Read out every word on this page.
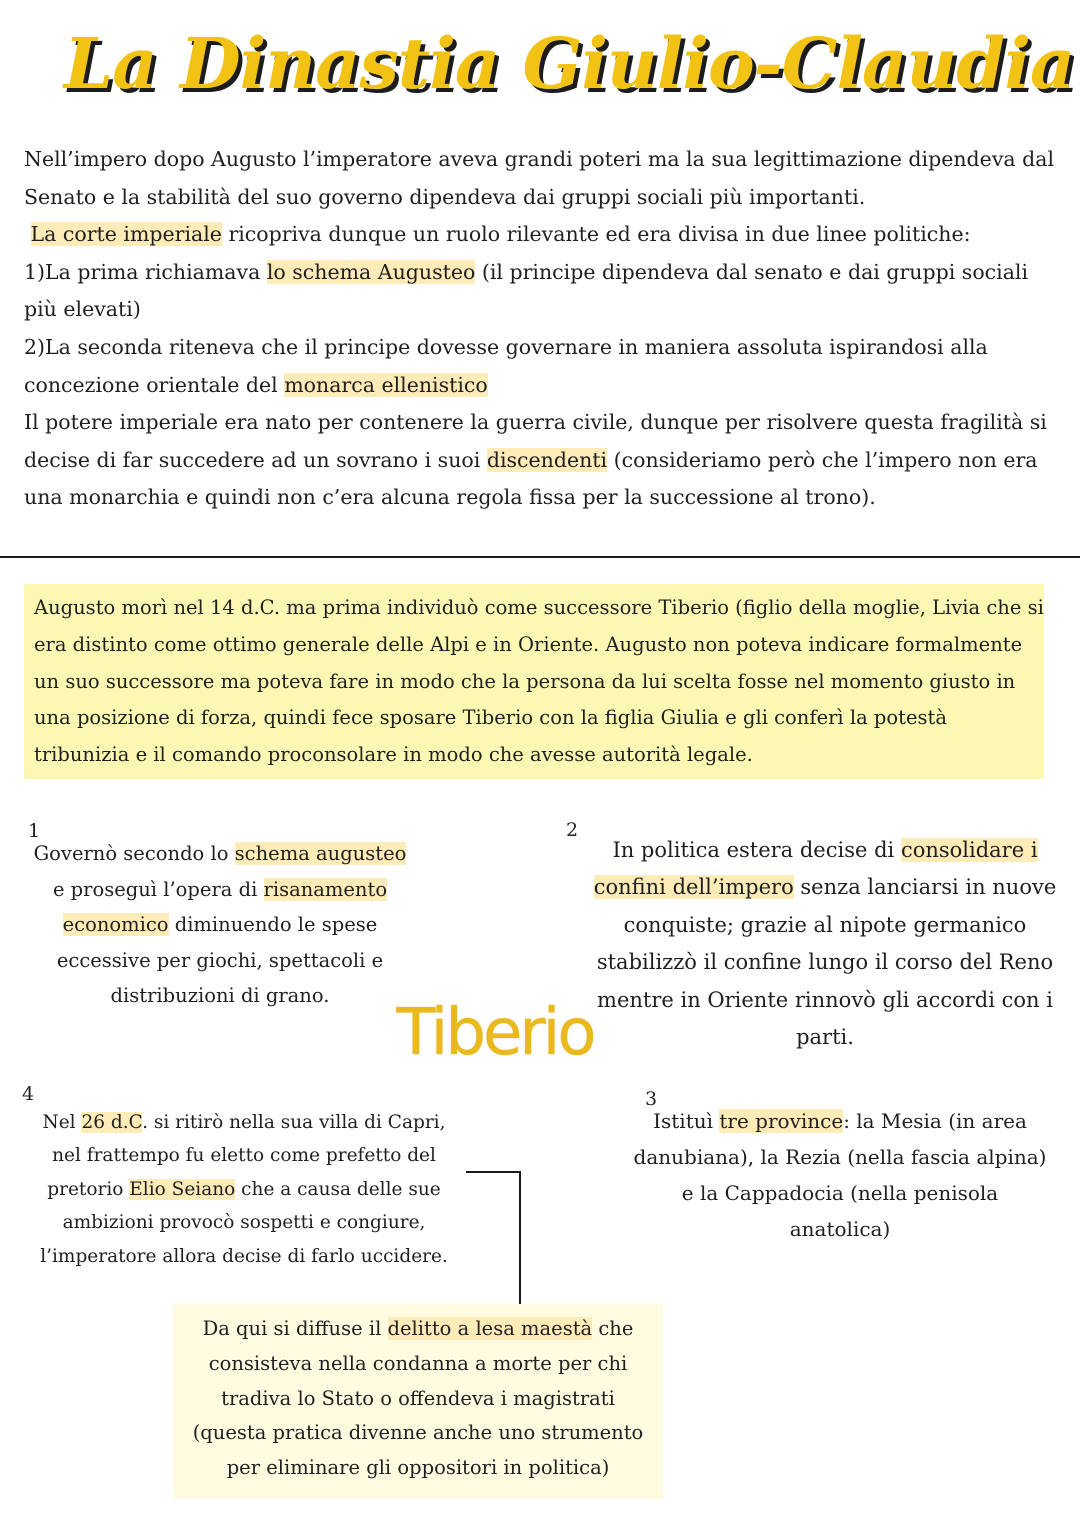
La Dinastia Giulio-Claudia

Nell’impero dopo Augusto l’imperatore aveva grandi poteri ma la sua legittimazione dipendeva dal Senato e la stabilità del suo governo dipendeva dai gruppi sociali più importanti.

La corte imperiale ricopriva dunque un ruolo rilevante ed era divisa in due linee politiche:

1)La prima richiamava lo schema Augusteo (il principe dipendeva dal senato e dai gruppi sociali più elevati)

2)La seconda riteneva che il principe dovesse governare in maniera assoluta ispirandosi alla concezione orientale del monarca ellenistico

Il potere imperiale era nato per contenere la guerra civile, dunque per risolvere questa fragilità si decise di far succedere ad un sovrano i suoi discendenti (consideriamo però che l’impero non era una monarchia e quindi non c’era alcuna regola fissa per la successione al trono).

Augusto morì nel 14 d.C. ma prima individuò come successore Tiberio (figlio della moglie, Livia che si era distinto come ottimo generale delle Alpi e in Oriente. Augusto non poteva indicare formalmente un suo successore ma poteva fare in modo che la persona da lui scelta fosse nel momento giusto in una posizione di forza, quindi fece sposare Tiberio con la figlia Giulia e gli conferì la potestà tribunizia e il comando proconsolare in modo che avesse autorità legale.

1

Governò secondo lo schema augusteo e proseguì l’opera di risanamento economico diminuendo le spese eccessive per giochi, spettacoli e distribuzioni di grano.

2

In politica estera decise di consolidare i confini dell’impero senza lanciarsi in nuove conquiste; grazie al nipote germanico stabilizzò il confine lungo il corso del Reno mentre in Oriente rinnovò gli accordi con i parti.

Tiberio
4

Nel 26 d.C. si ritirò nella sua villa di Capri, nel frattempo fu eletto come prefetto del pretorio Elio Seiano che a causa delle sue ambizioni provocò sospetti e congiure, l’imperatore allora decise di farlo uccidere.

3

Istituì tre province: la Mesia (in area danubiana), la Rezia (nella fascia alpina) e la Cappadocia (nella penisola anatolica)

Da qui si diffuse il delitto a lesa maestà che consisteva nella condanna a morte per chi tradiva lo Stato o offendeva i magistrati (questa pratica divenne anche uno strumento per eliminare gli oppositori in politica)
